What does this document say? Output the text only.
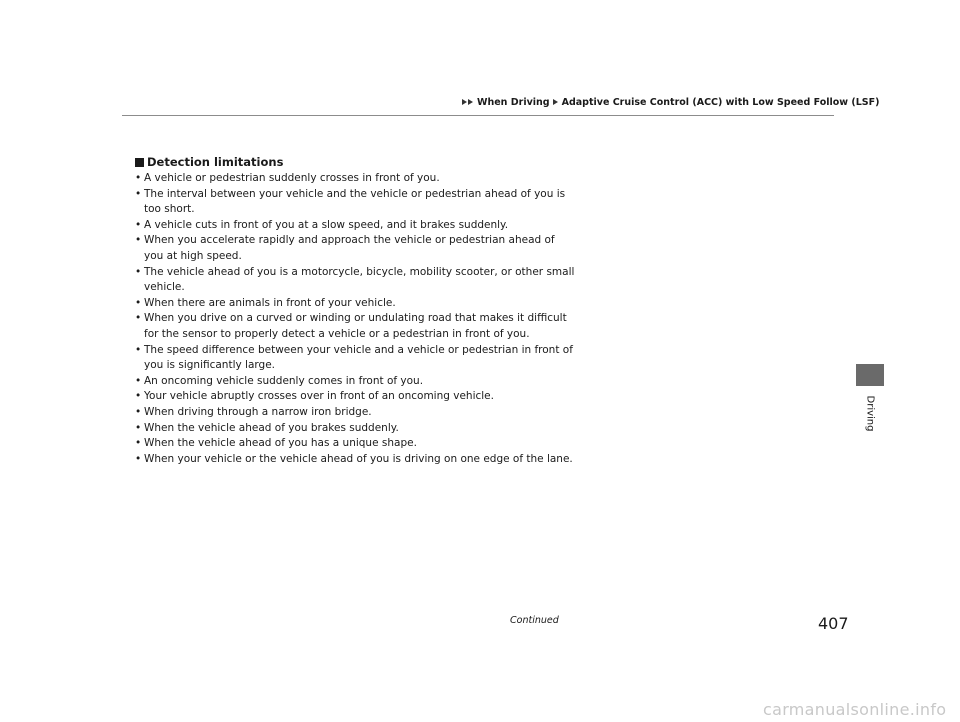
When Driving Adaptive Cruise Control (ACC) with Low Speed Follow (LSF)
Detection limitations
• A vehicle or pedestrian suddenly crosses in front of you.
• The interval between your vehicle and the vehicle or pedestrian ahead of you is too short.
• A vehicle cuts in front of you at a slow speed, and it brakes suddenly.
• When you accelerate rapidly and approach the vehicle or pedestrian ahead of you at high speed.
• The vehicle ahead of you is a motorcycle, bicycle, mobility scooter, or other small vehicle.
• When there are animals in front of your vehicle.
• When you drive on a curved or winding or undulating road that makes it difficult for the sensor to properly detect a vehicle or a pedestrian in front of you.
• The speed difference between your vehicle and a vehicle or pedestrian in front of you is significantly large.
• An oncoming vehicle suddenly comes in front of you.
• Your vehicle abruptly crosses over in front of an oncoming vehicle.
• When driving through a narrow iron bridge.
• When the vehicle ahead of you brakes suddenly.
• When the vehicle ahead of you has a unique shape.
• When your vehicle or the vehicle ahead of you is driving on one edge of the lane.
Driving
Continued	407
carmanualsonline.info
